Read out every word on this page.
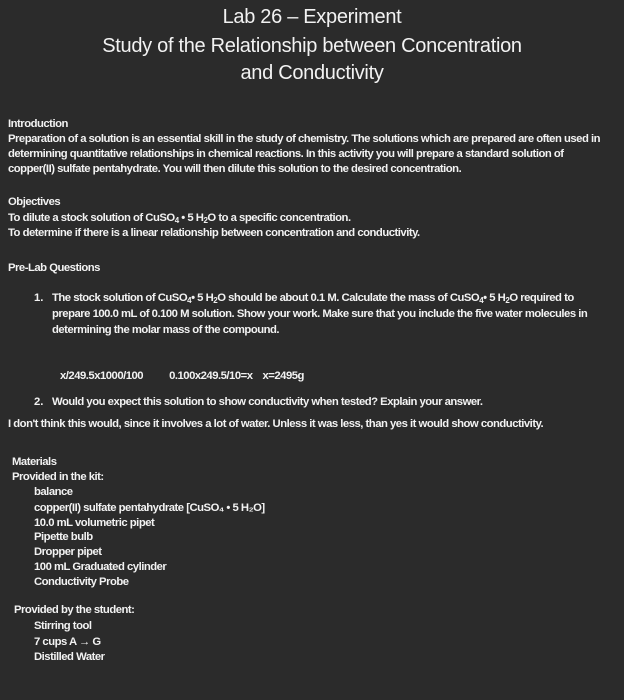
Lab 26 – Experiment
Study of the Relationship between Concentration
and Conductivity
Introduction
Preparation of a solution is an essential skill in the study of chemistry. The solutions which are prepared are often used in
determining quantitative relationships in chemical reactions. In this activity you will prepare a standard solution of
copper(II) sulfate pentahydrate. You will then dilute this solution to the desired concentration.
Objectives
To dilute a stock solution of CuSO$_4$ • 5 $H_2O$ to a specific concentration.
To determine if there is a linear relationship between concentration and conductivity.
Pre-Lab Questions
1. The stock solution of CuSO$_4$• 5 $H_2O$ should be about 0.1 M. Calculate the mass of CuSO$_4$• 5 $H_2O$ required to
prepare 100.0 mL of 0.100 M solution. Show your work. Make sure that you include the five water molecules in
determining the molar mass of the compound.
x/249.5x1000/100 0.100x249.5/10=x x=2495g
2. Would you expect this solution to show conductivity when tested? Explain your answer.
I don't think this would, since it involves a lot of water. Unless it was less, than yes it would show conductivity.
Materials
Provided in the kit:
balance
copper(II) sulfate pentahydrate [CuSO₄ • 5 H₂O]
10.0 mL volumetric pipet
Pipette bulb
Dropper pipet
100 mL Graduated cylinder
Conductivity Probe
Provided by the student:
Stirring tool
7 cups A → G
Distilled Water
